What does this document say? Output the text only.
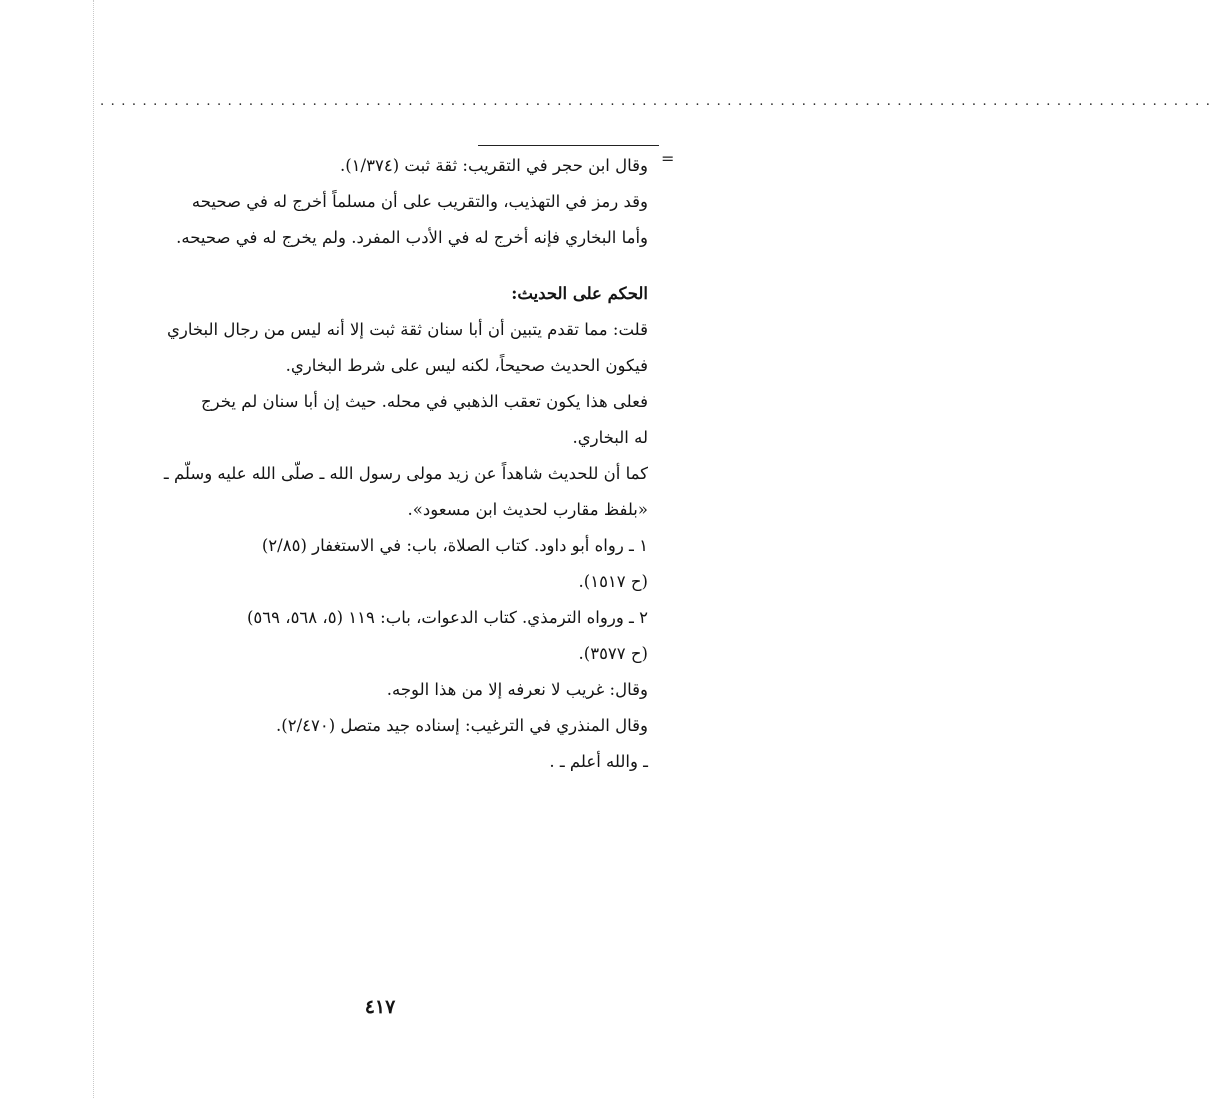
.........................................................................................................
=
وقال ابن حجر في التقريب: ثقة ثبت (١/٣٧٤).
وقد رمز في التهذيب، والتقريب على أن مسلماً أخرج له في صحيحه
وأما البخاري فإنه أخرج له في الأدب المفرد. ولم يخرج له في صحيحه.
الحكم على الحديث:
قلت: مما تقدم يتبين أن أبا سنان ثقة ثبت إلا أنه ليس من رجال البخاري
فيكون الحديث صحيحاً، لكنه ليس على شرط البخاري.
فعلى هذا يكون تعقب الذهبي في محله. حيث إن أبا سنان لم يخرج
له البخاري.
كما أن للحديث شاهداً عن زيد مولى رسول الله ـ صلّى الله عليه وسلّم ـ
«بلفظ مقارب لحديث ابن مسعود».
١ ـ رواه أبو داود. كتاب الصلاة، باب: في الاستغفار (٢/٨٥)
(ح ١٥١٧).
٢ ـ ورواه الترمذي. كتاب الدعوات، باب: ١١٩ (٥، ٥٦٨، ٥٦٩)
(ح ٣٥٧٧).
وقال: غريب لا نعرفه إلا من هذا الوجه.
وقال المنذري في الترغيب: إسناده جيد متصل (٢/٤٧٠).
ـ والله أعلم ـ .
٤١٧
